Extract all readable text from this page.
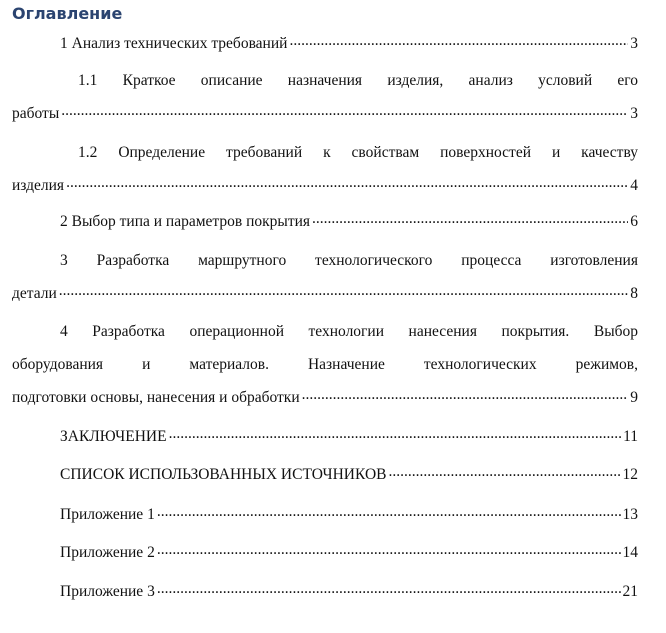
Оглавление
1 Анализ технических требований .....	3
1.1 Краткое описание назначения изделия, анализ условий его
работы .....	3
1.2 Определение требований к свойствам поверхностей и качеству
изделия .....	4
2 Выбор типа и параметров покрытия .....	6
3 Разработка маршрутного технологического процесса изготовления
детали .....	8
4 Разработка операционной технологии нанесения покрытия. Выбор
оборудования и материалов. Назначение технологических режимов,
подготовки основы, нанесения и обработки .....	9
ЗАКЛЮЧЕНИЕ .....	11
СПИСОК ИСПОЛЬЗОВАННЫХ ИСТОЧНИКОВ .....	12
Приложение 1 .....	13
Приложение 2 .....	14
Приложение 3 .....	21
